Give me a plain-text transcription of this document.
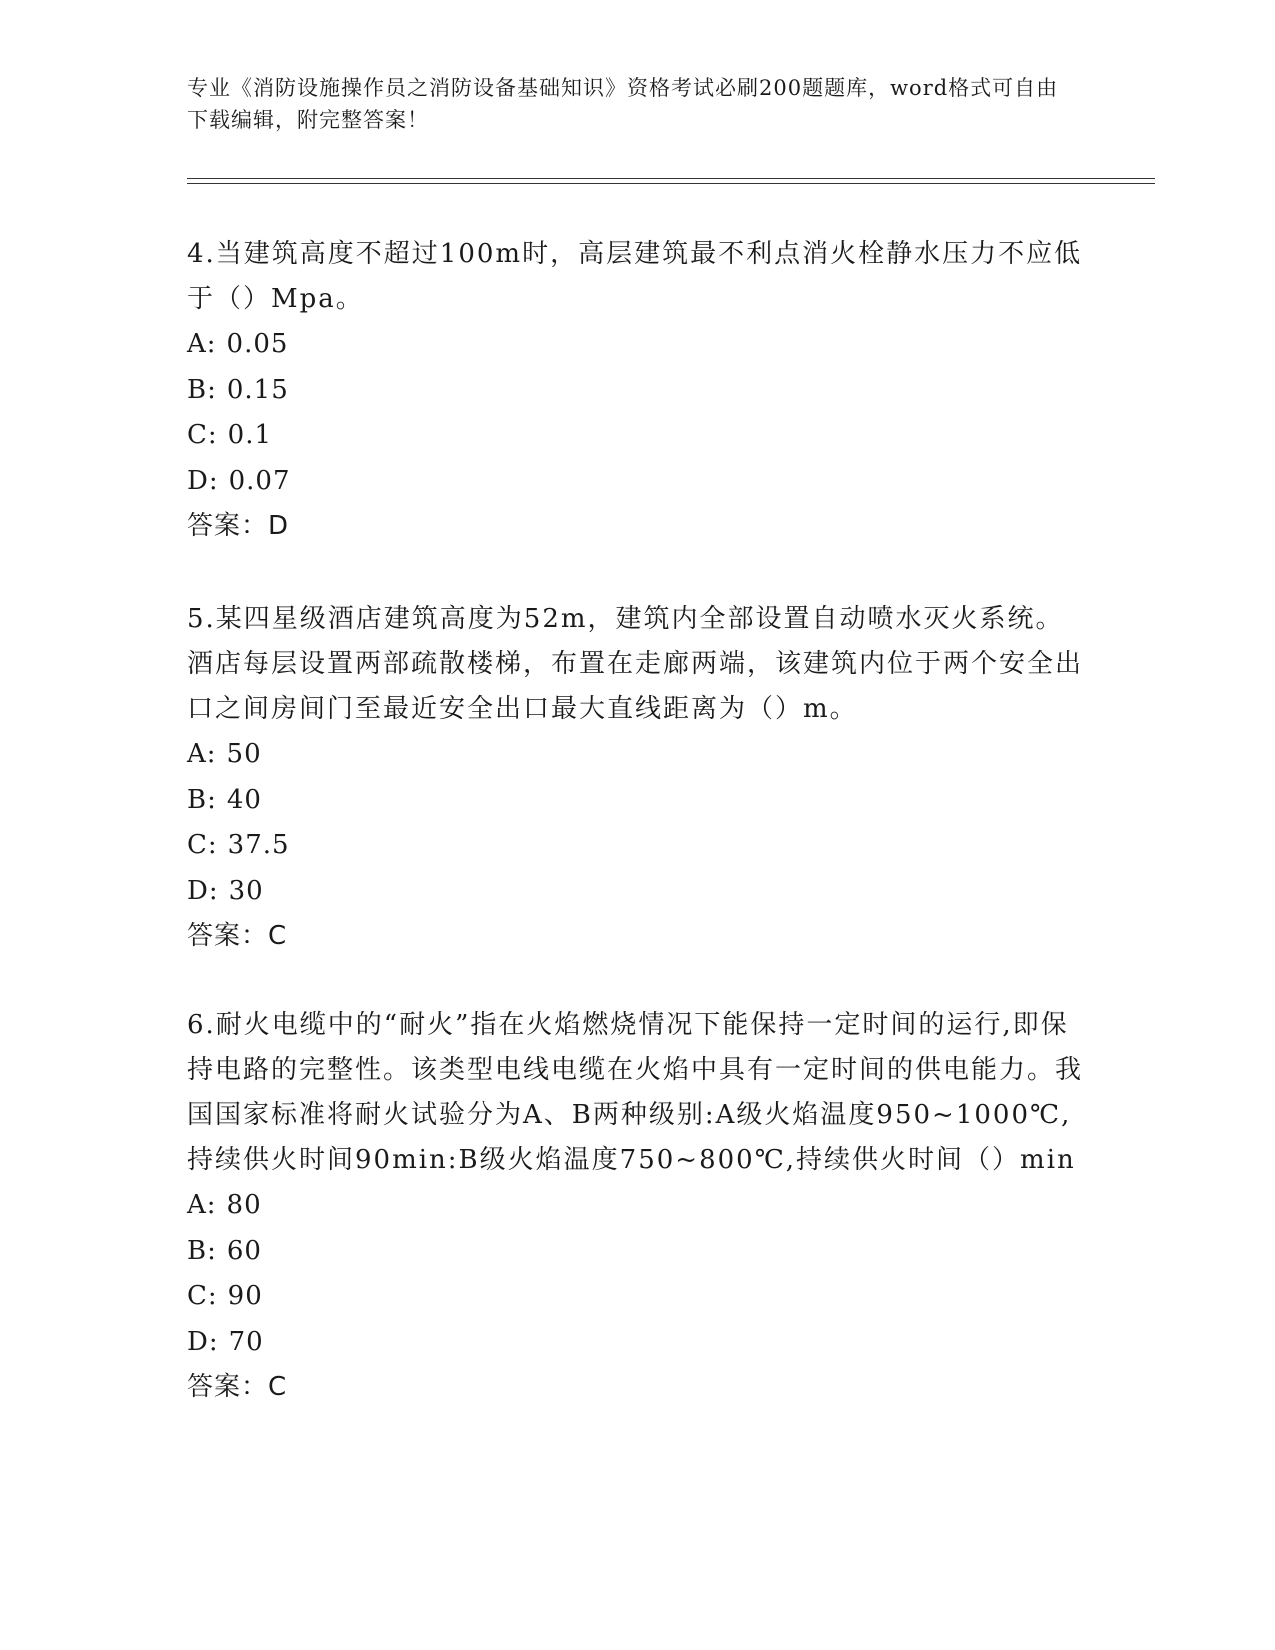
专业《消防设施操作员之消防设备基础知识》资格考试必刷200题题库，word格式可自由下载编辑，附完整答案！

4.当建筑高度不超过100m时，高层建筑最不利点消火栓静水压力不应低于（）Mpa。

A: 0.05
B: 0.15
C: 0.1
D: 0.07
答案：D

5.某四星级酒店建筑高度为52m，建筑内全部设置自动喷水灭火系统。酒店每层设置两部疏散楼梯，布置在走廊两端，该建筑内位于两个安全出口之间房间门至最近安全出口最大直线距离为（）m。

A: 50
B: 40
C: 37.5
D: 30
答案：C

6.耐火电缆中的“耐火”指在火焰燃烧情况下能保持一定时间的运行,即保持电路的完整性。该类型电线电缆在火焰中具有一定时间的供电能力。我国国家标准将耐火试验分为A、B两种级别:A级火焰温度950~1000℃,持续供火时间90min:B级火焰温度750~800℃,持续供火时间（）min

A: 80
B: 60
C: 90
D: 70
答案：C
